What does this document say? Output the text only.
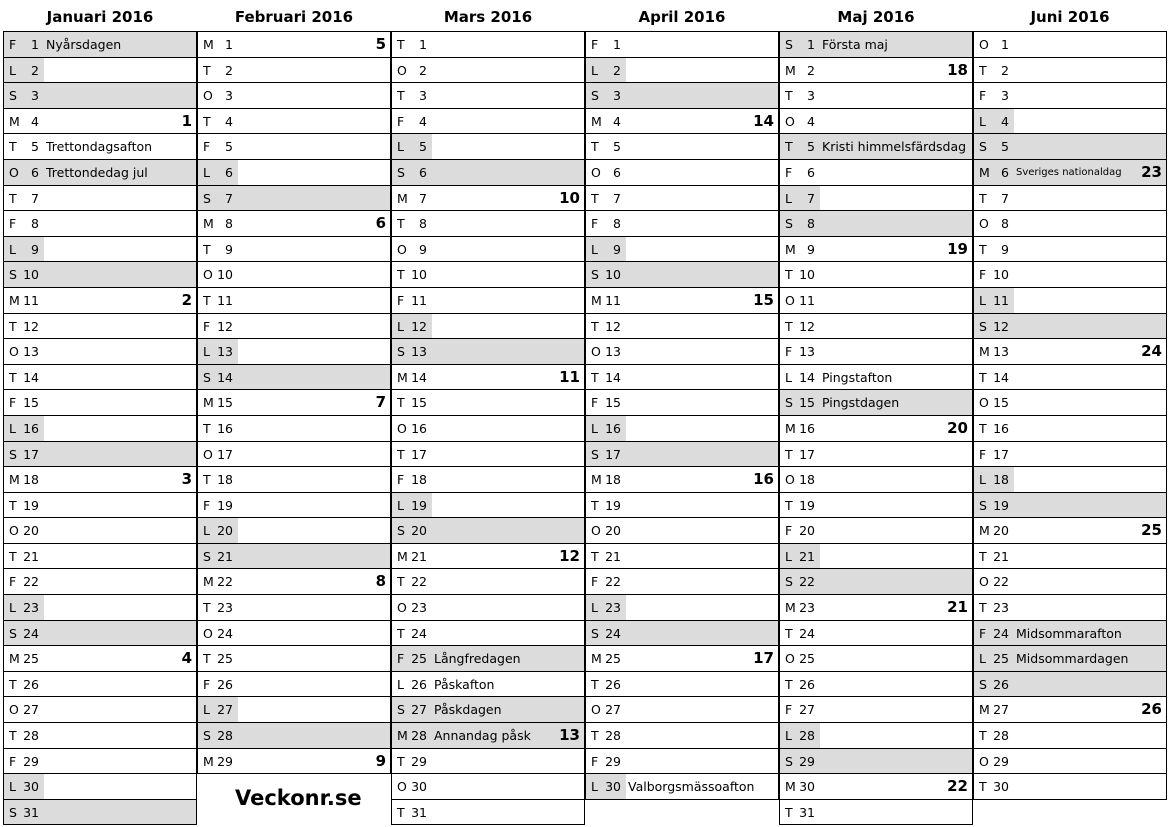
Januari 2016
F	1 Nyårsdagen
L	2
S	3
M 4	1
T	5 Trettondagsafton
O 6 Trettondedag jul
T	7
F	8
L	9
S 10
M 11	2
T 12
O 13
T 14
F 15
L 16
S 17
M 18	3
T 19
O 20
T 21
F 22
L 23
S 24
M 25	4
T 26
O 27
T 28
F 29
L 30
S 31
Februari 2016
M 1	5
T	2
O 3
T	4
F	5
L	6
S	7
M 8	6
T	9
O 10
T 11
F 12
L 13
S 14
M 15	7
T 16
O 17
T 18
F 19
L 20
S 21
M 22	8
T 23
O 24
T 25
F 26
L 27
S 28
M 29	9
Mars 2016
T	1
O 2
T	3
F	4
L	5
S	6
M 7	10
T	8
O 9
T 10
F 11
L 12
S 13
M 14	11
T 15
O 16
T 17
F 18
L 19
S 20
M 21	12
T 22
O 23
T 24
F 25 Långfredagen
L 26 Påskafton
S 27 Påskdagen
M 28 Annandag påsk 13
T 29
O 30
T 31
April 2016
F	1
L	2
S	3
M 4	14
T	5
O 6
T	7
F	8
L	9
S 10
M 11	15
T 12
O 13
T 14
F 15
L 16
S 17
M 18	16
T 19
O 20
T 21
F 22
L 23
S 24
M 25	17
T 26
O 27
T 28
F 29
L 30 Valborgsmässoafton
Maj 2016
S	1 Första maj
M 2	18
T	3
O 4
T	5 Kristi himmelsfärdsdag
F	6
L	7
S	8
M 9	19
T 10
O 11
T 12
F 13
L 14 Pingstafton
S 15 Pingstdagen
M 16	20
T 17
O 18
T 19
F 20
L 21
S 22
M 23	21
T 24
O 25
T 26
F 27
L 28
S 29
M 30	22
T 31
Juni 2016
O 1
T	2
F	3
L	4
S	5
M 6 Sveriges nationaldag 23
T	7
O 8
T	9
F 10
L 11
S 12
M 13	24
T 14
O 15
T 16
F 17
L 18
S 19
M 20	25
T 21
O 22
T 23
F 24 Midsommarafton
L 25 Midsommardagen
S 26
M 27	26
T 28
O 29
T 30
Veckonr.se
